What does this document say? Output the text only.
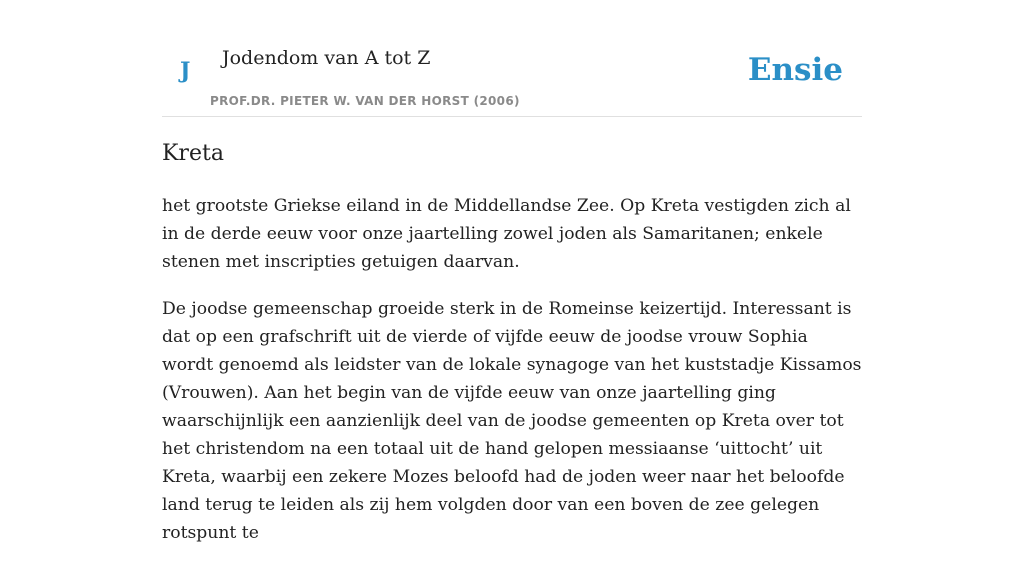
J Jodendom van A tot Z
PROF.DR. PIETER W. VAN DER HORST (2006)
Ensie
Kreta

het grootste Griekse eiland in de Middellandse Zee. Op Kreta vestigden zich al in de derde eeuw voor onze jaartelling zowel joden als Samaritanen; enkele stenen met inscripties getuigen daarvan.

De joodse gemeenschap groeide sterk in de Romeinse keizertijd. Interessant is dat op een grafschrift uit de vierde of vijfde eeuw de joodse vrouw Sophia wordt genoemd als leidster van de lokale synagoge van het kuststadje Kissamos (Vrouwen). Aan het begin van de vijfde eeuw van onze jaartelling ging waarschijnlijk een aanzienlijk deel van de joodse gemeenten op Kreta over tot het christendom na een totaal uit de hand gelopen messiaanse ‘uittocht’ uit Kreta, waarbij een zekere Mozes beloofd had de joden weer naar het beloofde land terug te leiden als zij hem volgden door van een boven de zee gelegen rotspunt te
